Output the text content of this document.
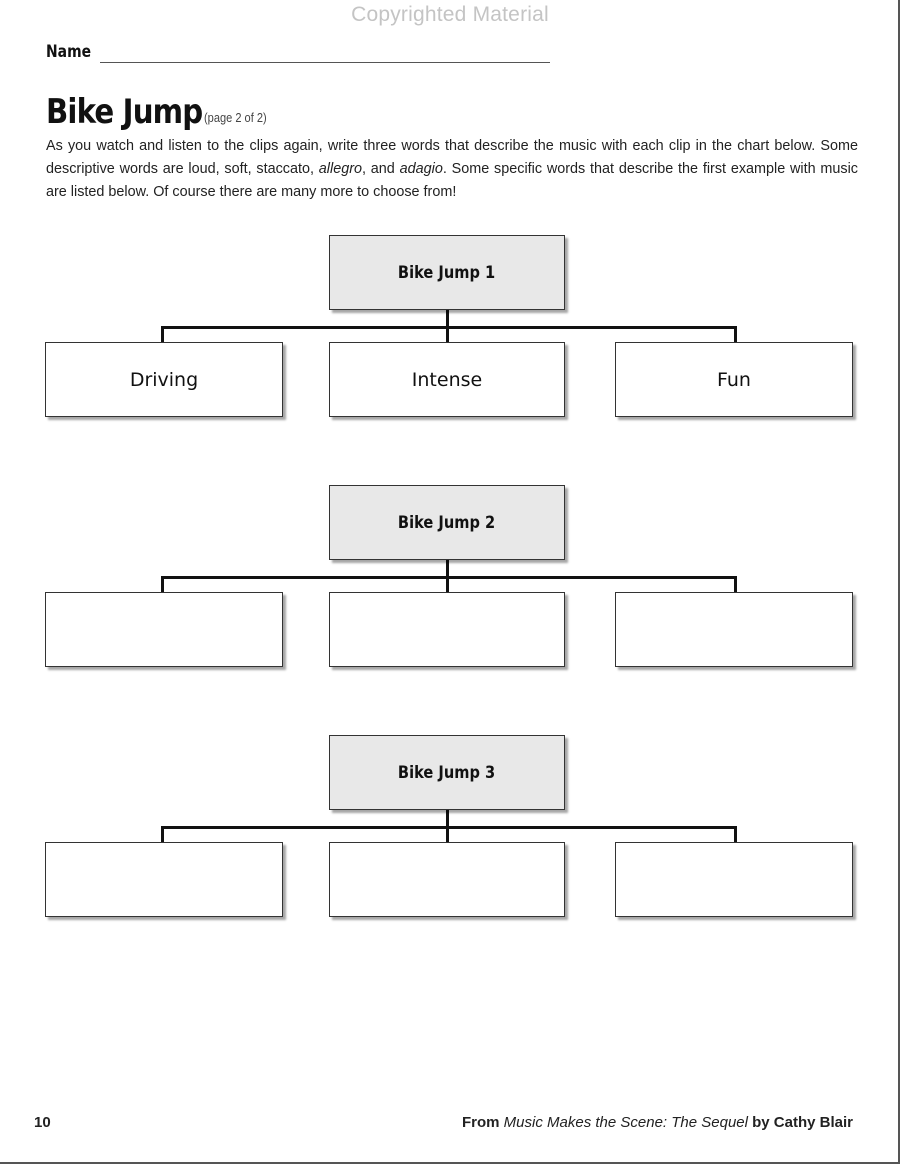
Copyrighted Material
Name
Bike Jump (page 2 of 2)
As you watch and listen to the clips again, write three words that describe the music with each clip in the chart below. Some descriptive words are loud, soft, staccato, allegro, and adagio. Some specific words that describe the first example with music are listed below. Of course there are many more to choose from!
Bike Jump 1
Driving	Intense	Fun
Bike Jump 2
Bike Jump 3
10	From Music Makes the Scene: The Sequel by Cathy Blair
